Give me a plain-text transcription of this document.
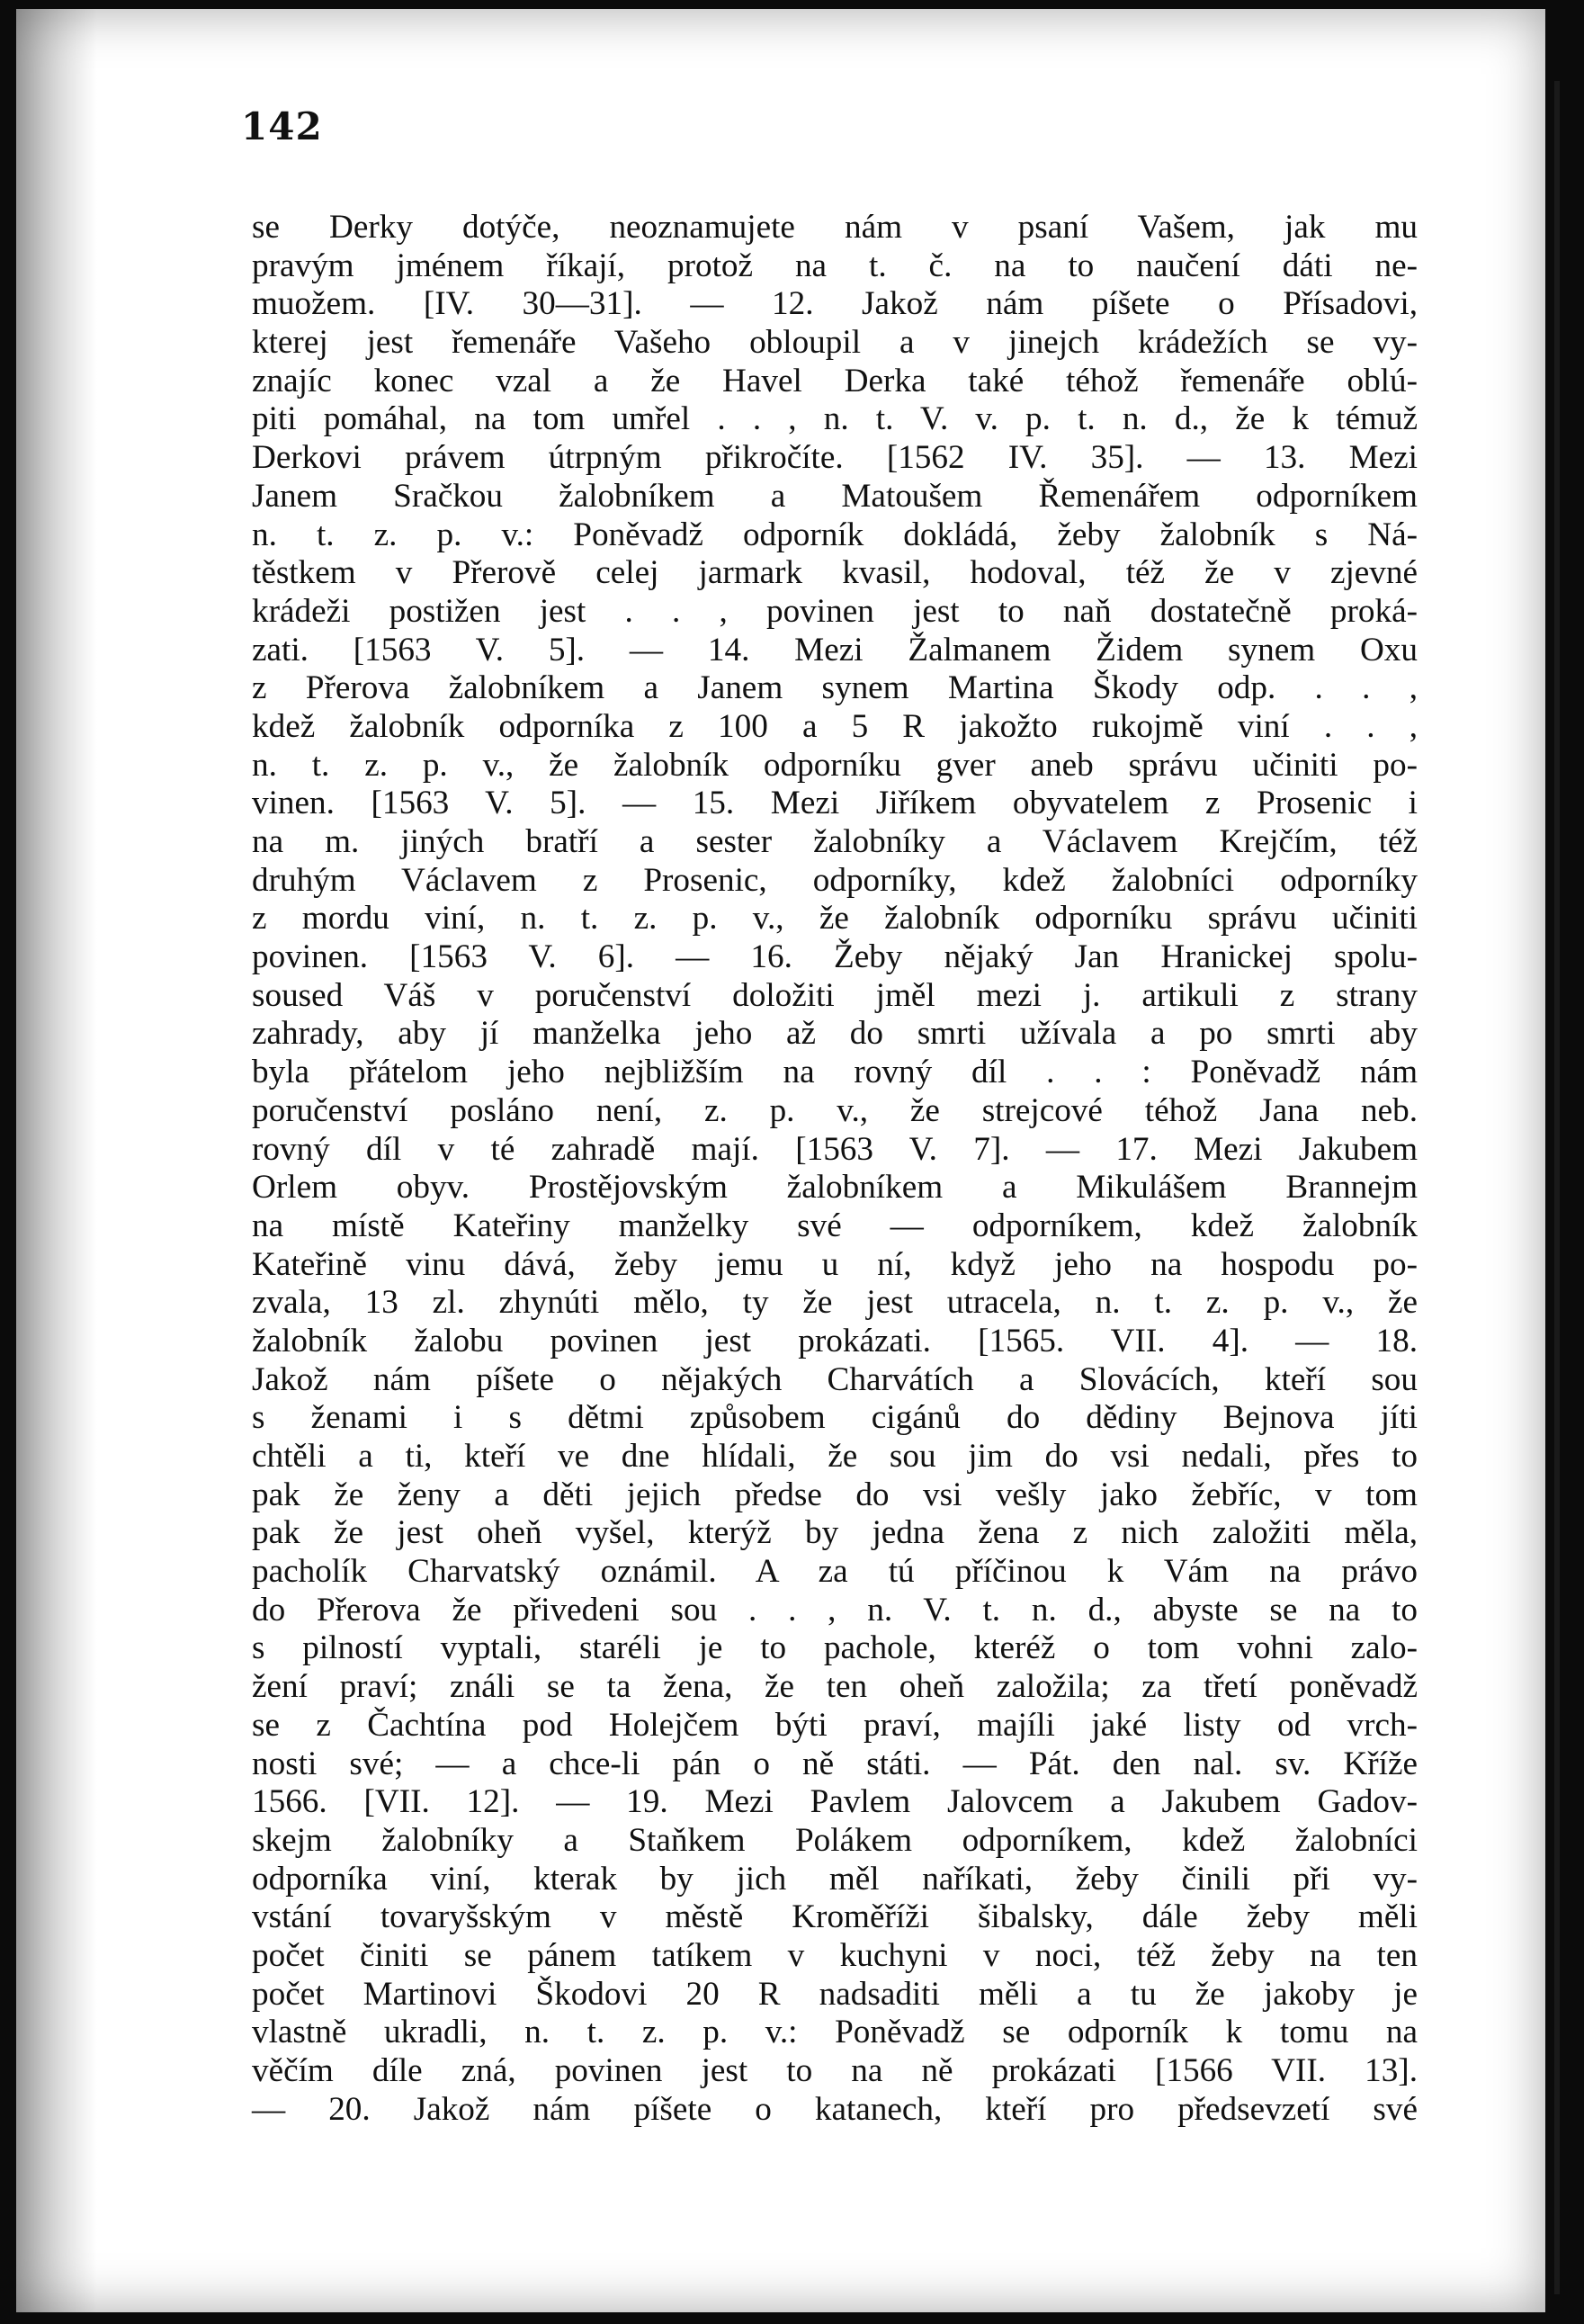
142
se Derky dotýče, neoznamujete nám v psaní Vašem, jak mu
pravým jménem říkají, protož na t. č. na to naučení dáti ne-
muožem. [IV. 30—31]. — 12. Jakož nám píšete o Přísadovi,
kterej jest řemenáře Vašeho obloupil a v jinejch krádežích se vy-
znajíc konec vzal a že Havel Derka také téhož řemenáře oblú-
piti pomáhal, na tom umřel . . , n. t. V. v. p. t. n. d., že k témuž
Derkovi právem útrpným přikročíte. [1562 IV. 35]. — 13. Mezi
Janem Sračkou žalobníkem a Matoušem Řemenářem odporníkem
n. t. z. p. v.: Poněvadž odporník dokládá, žeby žalobník s Ná-
těstkem v Přerově celej jarmark kvasil, hodoval, též že v zjevné
krádeži postižen jest . . , povinen jest to naň dostatečně proká-
zati. [1563 V. 5]. — 14. Mezi Žalmanem Židem synem Oxu
z Přerova žalobníkem a Janem synem Martina Škody odp. . . ,
kdež žalobník odporníka z 100 a 5 R jakožto rukojmě viní . . ,
n. t. z. p. v., že žalobník odporníku gver aneb správu učiniti po-
vinen. [1563 V. 5]. — 15. Mezi Jiříkem obyvatelem z Prosenic i
na m. jiných bratří a sester žalobníky a Václavem Krejčím, též
druhým Václavem z Prosenic, odporníky, kdež žalobníci odporníky
z mordu viní, n. t. z. p. v., že žalobník odporníku správu učiniti
povinen. [1563 V. 6]. — 16. Žeby nějaký Jan Hranickej spolu-
soused Váš v poručenství doložiti jměl mezi j. artikuli z strany
zahrady, aby jí manželka jeho až do smrti užívala a po smrti aby
byla přátelom jeho nejbližším na rovný díl . . : Poněvadž nám
poručenství posláno není, z. p. v., že strejcové téhož Jana neb.
rovný díl v té zahradě mají. [1563 V. 7]. — 17. Mezi Jakubem
Orlem obyv. Prostějovským žalobníkem a Mikulášem Brannejm
na místě Kateřiny manželky své — odporníkem, kdež žalobník
Kateřině vinu dává, žeby jemu u ní, když jeho na hospodu po-
zvala, 13 zl. zhynúti mělo, ty že jest utracela, n. t. z. p. v., že
žalobník žalobu povinen jest prokázati. [1565. VII. 4]. — 18.
Jakož nám píšete o nějakých Charvátích a Slovácích, kteří sou
s ženami i s dětmi způsobem cigánů do dědiny Bejnova jíti
chtěli a ti, kteří ve dne hlídali, že sou jim do vsi nedali, přes to
pak že ženy a děti jejich předse do vsi vešly jako žebříc, v tom
pak že jest oheň vyšel, kterýž by jedna žena z nich založiti měla,
pacholík Charvatský oznámil. A za tú příčinou k Vám na právo
do Přerova že přivedeni sou . . , n. V. t. n. d., abyste se na to
s pilností vyptali, staréli je to pachole, kteréž o tom vohni zalo-
žení praví; ználi se ta žena, že ten oheň založila; za třetí poněvadž
se z Čachtína pod Holejčem býti praví, majíli jaké listy od vrch-
nosti své; — a chce-li pán o ně státi. — Pát. den nal. sv. Kříže
1566. [VII. 12]. — 19. Mezi Pavlem Jalovcem a Jakubem Gadov-
skejm žalobníky a Staňkem Polákem odporníkem, kdež žalobníci
odporníka viní, kterak by jich měl naříkati, žeby činili při vy-
vstání tovaryšským v městě Kroměříži šibalsky, dále žeby měli
počet činiti se pánem tatíkem v kuchyni v noci, též žeby na ten
počet Martinovi Škodovi 20 R nadsaditi měli a tu že jakoby je
vlastně ukradli, n. t. z. p. v.: Poněvadž se odporník k tomu na
věčím díle zná, povinen jest to na ně prokázati [1566 VII. 13].
— 20. Jakož nám píšete o katanech, kteří pro předsevzetí své
